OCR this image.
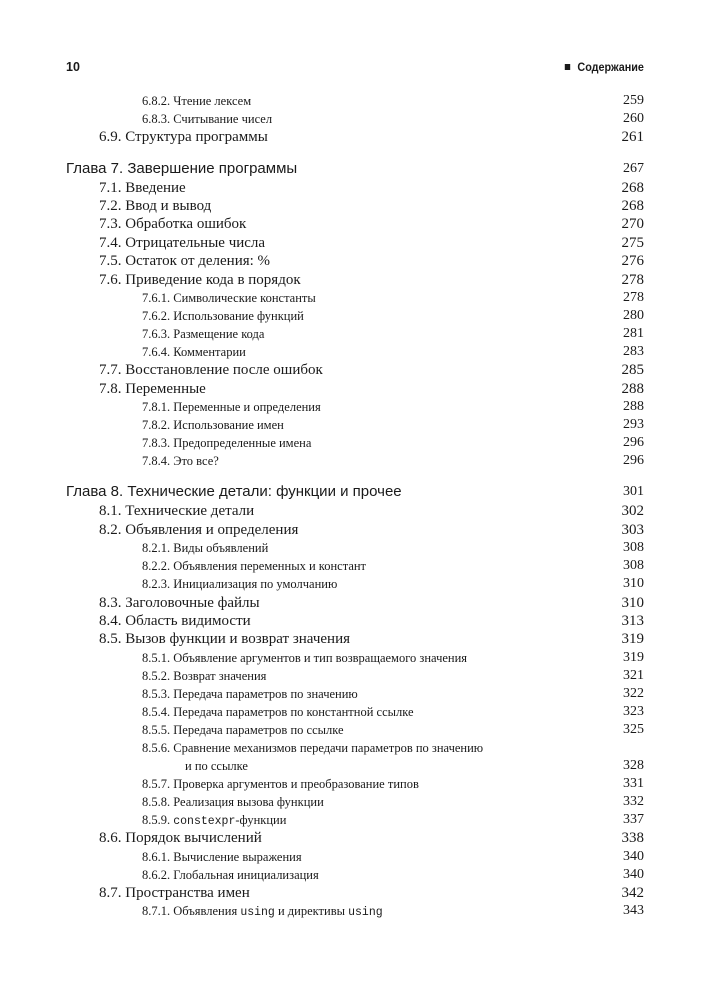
10	Содержание
6.8.2. Чтение лексем	259
6.8.3. Считывание чисел	260
6.9. Структура программы	261
Глава 7. Завершение программы	267
7.1. Введение	268
7.2. Ввод и вывод	268
7.3. Обработка ошибок	270
7.4. Отрицательные числа	275
7.5. Остаток от деления: %	276
7.6. Приведение кода в порядок	278
7.6.1. Символические константы	278
7.6.2. Использование функций	280
7.6.3. Размещение кода	281
7.6.4. Комментарии	283
7.7. Восстановление после ошибок	285
7.8. Переменные	288
7.8.1. Переменные и определения	288
7.8.2. Использование имен	293
7.8.3. Предопределенные имена	296
7.8.4. Это все?	296
Глава 8. Технические детали: функции и прочее	301
8.1. Технические детали	302
8.2. Объявления и определения	303
8.2.1. Виды объявлений	308
8.2.2. Объявления переменных и констант	308
8.2.3. Инициализация по умолчанию	310
8.3. Заголовочные файлы	310
8.4. Область видимости	313
8.5. Вызов функции и возврат значения	319
8.5.1. Объявление аргументов и тип возвращаемого значения	319
8.5.2. Возврат значения	321
8.5.3. Передача параметров по значению	322
8.5.4. Передача параметров по константной ссылке	323
8.5.5. Передача параметров по ссылке	325
8.5.6. Сравнение механизмов передачи параметров по значению
и по ссылке	328
8.5.7. Проверка аргументов и преобразование типов	331
8.5.8. Реализация вызова функции	332
8.5.9. constexpr-функции	337
8.6. Порядок вычислений	338
8.6.1. Вычисление выражения	340
8.6.2. Глобальная инициализация	340
8.7. Пространства имен	342
8.7.1. Объявления using и директивы using	343
